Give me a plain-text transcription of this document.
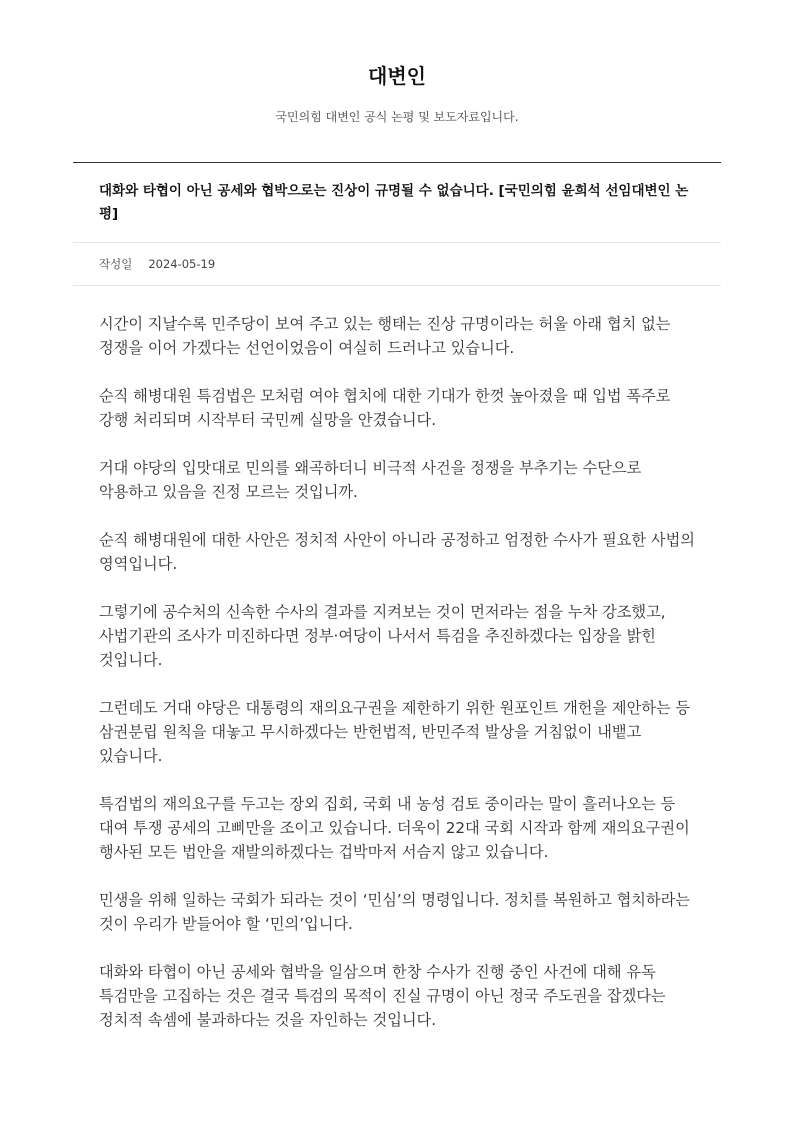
대변인

국민의힘 대변인 공식 논평 및 보도자료입니다.

대화와 타협이 아닌 공세와 협박으로는 진상이 규명될 수 없습니다. [국민의힘 윤희석 선임대변인 논평]
작성일 2024-05-19

시간이 지날수록 민주당이 보여 주고 있는 행태는 진상 규명이라는 허울 아래 협치 없는 정쟁을 이어 가겠다는 선언이었음이 여실히 드러나고 있습니다.

순직 해병대원 특검법은 모처럼 여야 협치에 대한 기대가 한껏 높아졌을 때 입법 폭주로 강행 처리되며 시작부터 국민께 실망을 안겼습니다.

거대 야당의 입맛대로 민의를 왜곡하더니 비극적 사건을 정쟁을 부추기는 수단으로 악용하고 있음을 진정 모르는 것입니까.

순직 해병대원에 대한 사안은 정치적 사안이 아니라 공정하고 엄정한 수사가 필요한 사법의 영역입니다.

그렇기에 공수처의 신속한 수사의 결과를 지켜보는 것이 먼저라는 점을 누차 강조했고, 사법기관의 조사가 미진하다면 정부·여당이 나서서 특검을 추진하겠다는 입장을 밝힌 것입니다.

그런데도 거대 야당은 대통령의 재의요구권을 제한하기 위한 원포인트 개헌을 제안하는 등 삼권분립 원칙을 대놓고 무시하겠다는 반헌법적, 반민주적 발상을 거침없이 내뱉고 있습니다.

특검법의 재의요구를 두고는 장외 집회, 국회 내 농성 검토 중이라는 말이 흘러나오는 등 대여 투쟁 공세의 고삐만을 조이고 있습니다. 더욱이 22대 국회 시작과 함께 재의요구권이 행사된 모든 법안을 재발의하겠다는 겁박마저 서슴지 않고 있습니다.

민생을 위해 일하는 국회가 되라는 것이 ‘민심’의 명령입니다. 정치를 복원하고 협치하라는 것이 우리가 받들어야 할 ‘민의’입니다.

대화와 타협이 아닌 공세와 협박을 일삼으며 한창 수사가 진행 중인 사건에 대해 유독 특검만을 고집하는 것은 결국 특검의 목적이 진실 규명이 아닌 정국 주도권을 잡겠다는 정치적 속셈에 불과하다는 것을 자인하는 것입니다.
